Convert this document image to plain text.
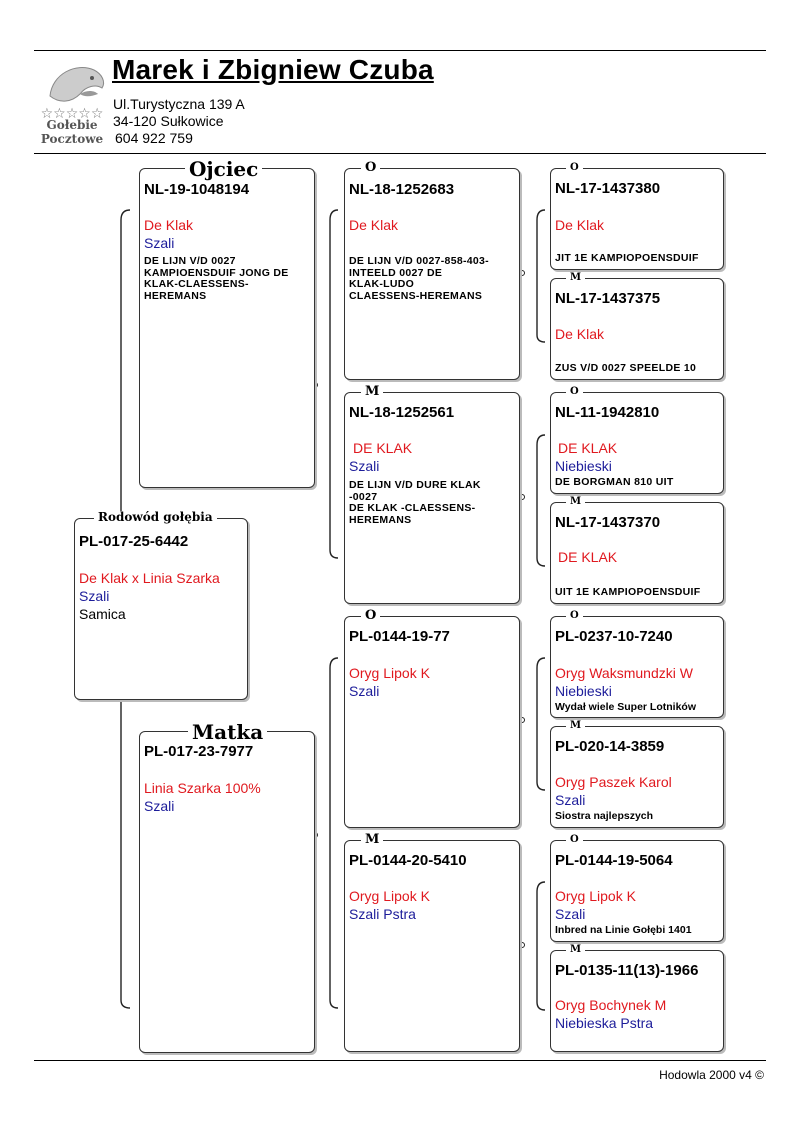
☆☆☆☆☆
Gołebie
Pocztowe
Marek i Zbigniew Czuba
Ul.Turystyczna 139 A
34-120 Sułkowice
604 922 759
Rodowód gołębia
PL-017-25-6442
De Klak x Linia Szarka
Szali
Samica
Ojciec
NL-19-1048194
De Klak
Szali
DE LIJN V/D 0027
KAMPIOENSDUIF JONG DE
KLAK-CLAESSENS-
HEREMANS
Matka
PL-017-23-7977
Linia Szarka 100%
Szali
O
NL-18-1252683
De Klak
DE LIJN V/D 0027-858-403-
INTEELD 0027 DE
KLAK-LUDO
CLAESSENS-HEREMANS
M
NL-18-1252561
DE KLAK
Szali
DE LIJN V/D DURE KLAK
-0027
DE KLAK -CLAESSENS-
HEREMANS
O
PL-0144-19-77
Oryg Lipok K
Szali
M
PL-0144-20-5410
Oryg Lipok K
Szali Pstra
O
NL-17-1437380
De Klak
JIT 1E KAMPIOPOENSDUIF
M
NL-17-1437375
De Klak
ZUS V/D 0027 SPEELDE 10
O
NL-11-1942810
DE KLAK
Niebieski
DE BORGMAN 810 UIT
M
NL-17-1437370
DE KLAK
UIT 1E KAMPIOPOENSDUIF
O
PL-0237-10-7240
Oryg Waksmundzki W
Niebieski
Wydał wiele Super Lotników
M
PL-020-14-3859
Oryg Paszek Karol
Szali
Siostra najlepszych
O
PL-0144-19-5064
Oryg Lipok K
Szali
Inbred na Linie Gołębi 1401
M
PL-0135-11(13)-1966
Oryg Bochynek M
Niebieska Pstra
Hodowla 2000 v4 ©
